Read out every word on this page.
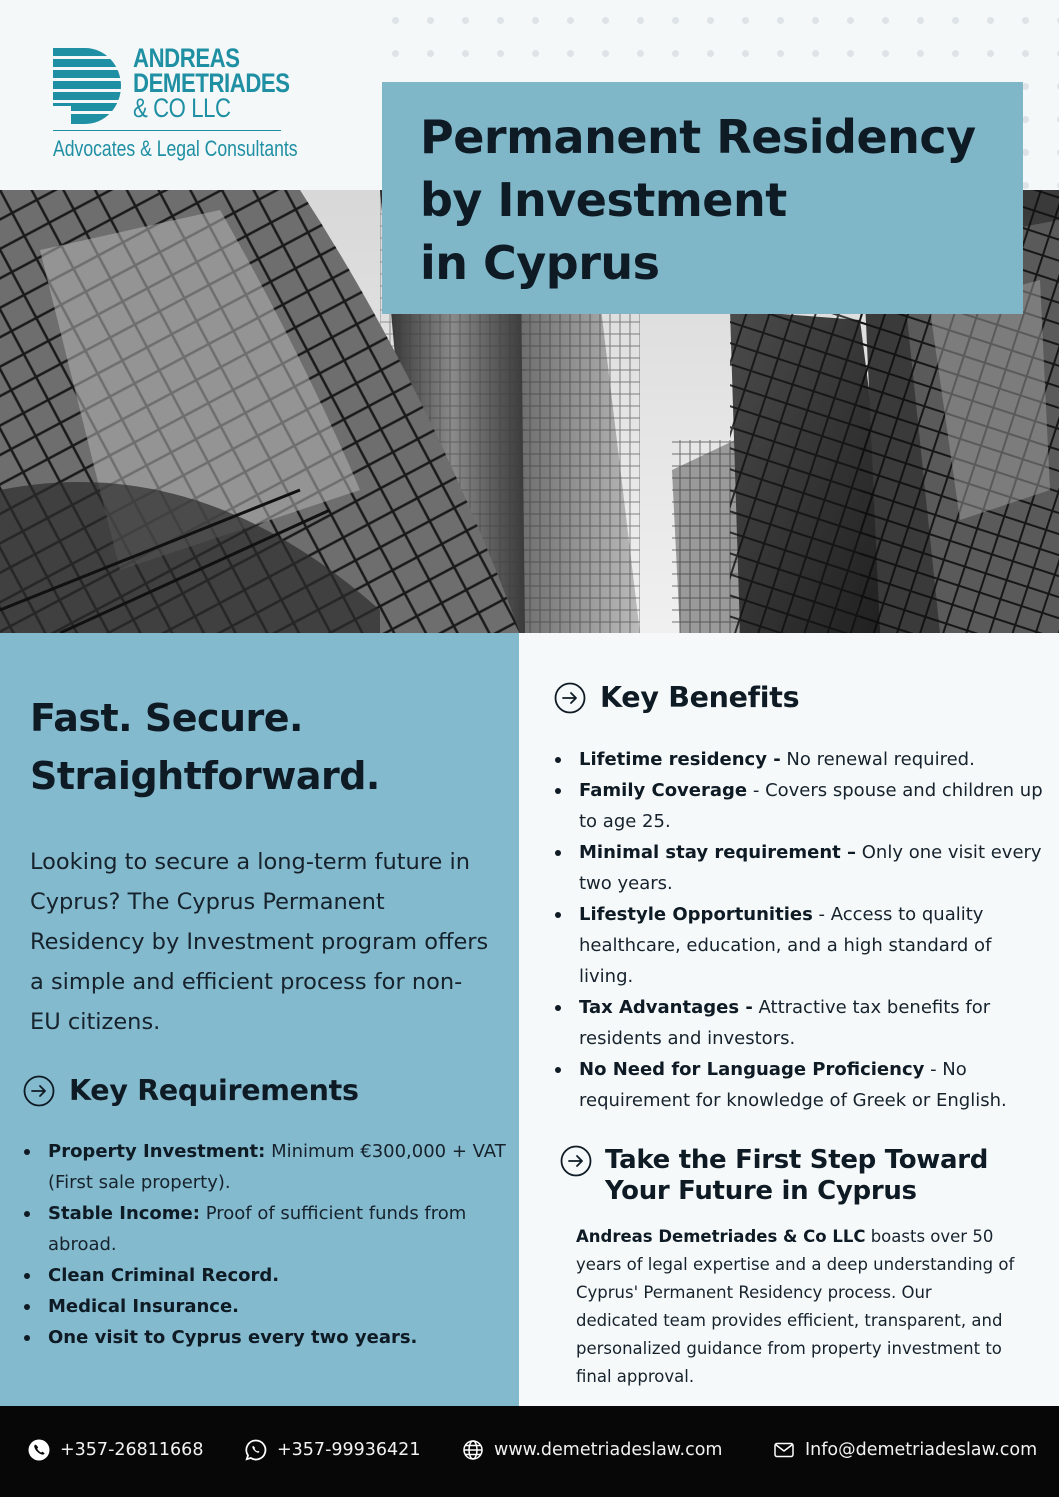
ANDREAS
DEMETRIADES
& CO LLC
Advocates & Legal Consultants	Permanent Residency
by Investment
in Cyprus
Fast. Secure.
Straightforward.

Looking to secure a long-term future in Cyprus? The Cyprus Permanent Residency by Investment program offers a simple and efficient process for non-EU citizens.

Key Requirements
Property Investment: Minimum €300,000 + VAT (First sale property).
Stable Income: Proof of sufficient funds from abroad.
Clean Criminal Record.
Medical Insurance.
One visit to Cyprus every two years.
Key Benefits
Lifetime residency - No renewal required.
Family Coverage - Covers spouse and children up to age 25.
Minimal stay requirement – Only one visit every two years.
Lifestyle Opportunities - Access to quality healthcare, education, and a high standard of living.
Tax Advantages - Attractive tax benefits for residents and investors.
No Need for Language Proficiency - No requirement for knowledge of Greek or English.
Take the First Step Toward
Your Future in Cyprus

Andreas Demetriades & Co LLC boasts over 50 years of legal expertise and a deep understanding of Cyprus' Permanent Residency process. Our dedicated team provides efficient, transparent, and personalized guidance from property investment to final approval.

+357-26811668	+357-99936421	www.demetriadeslaw.com	Info@demetriadeslaw.com
